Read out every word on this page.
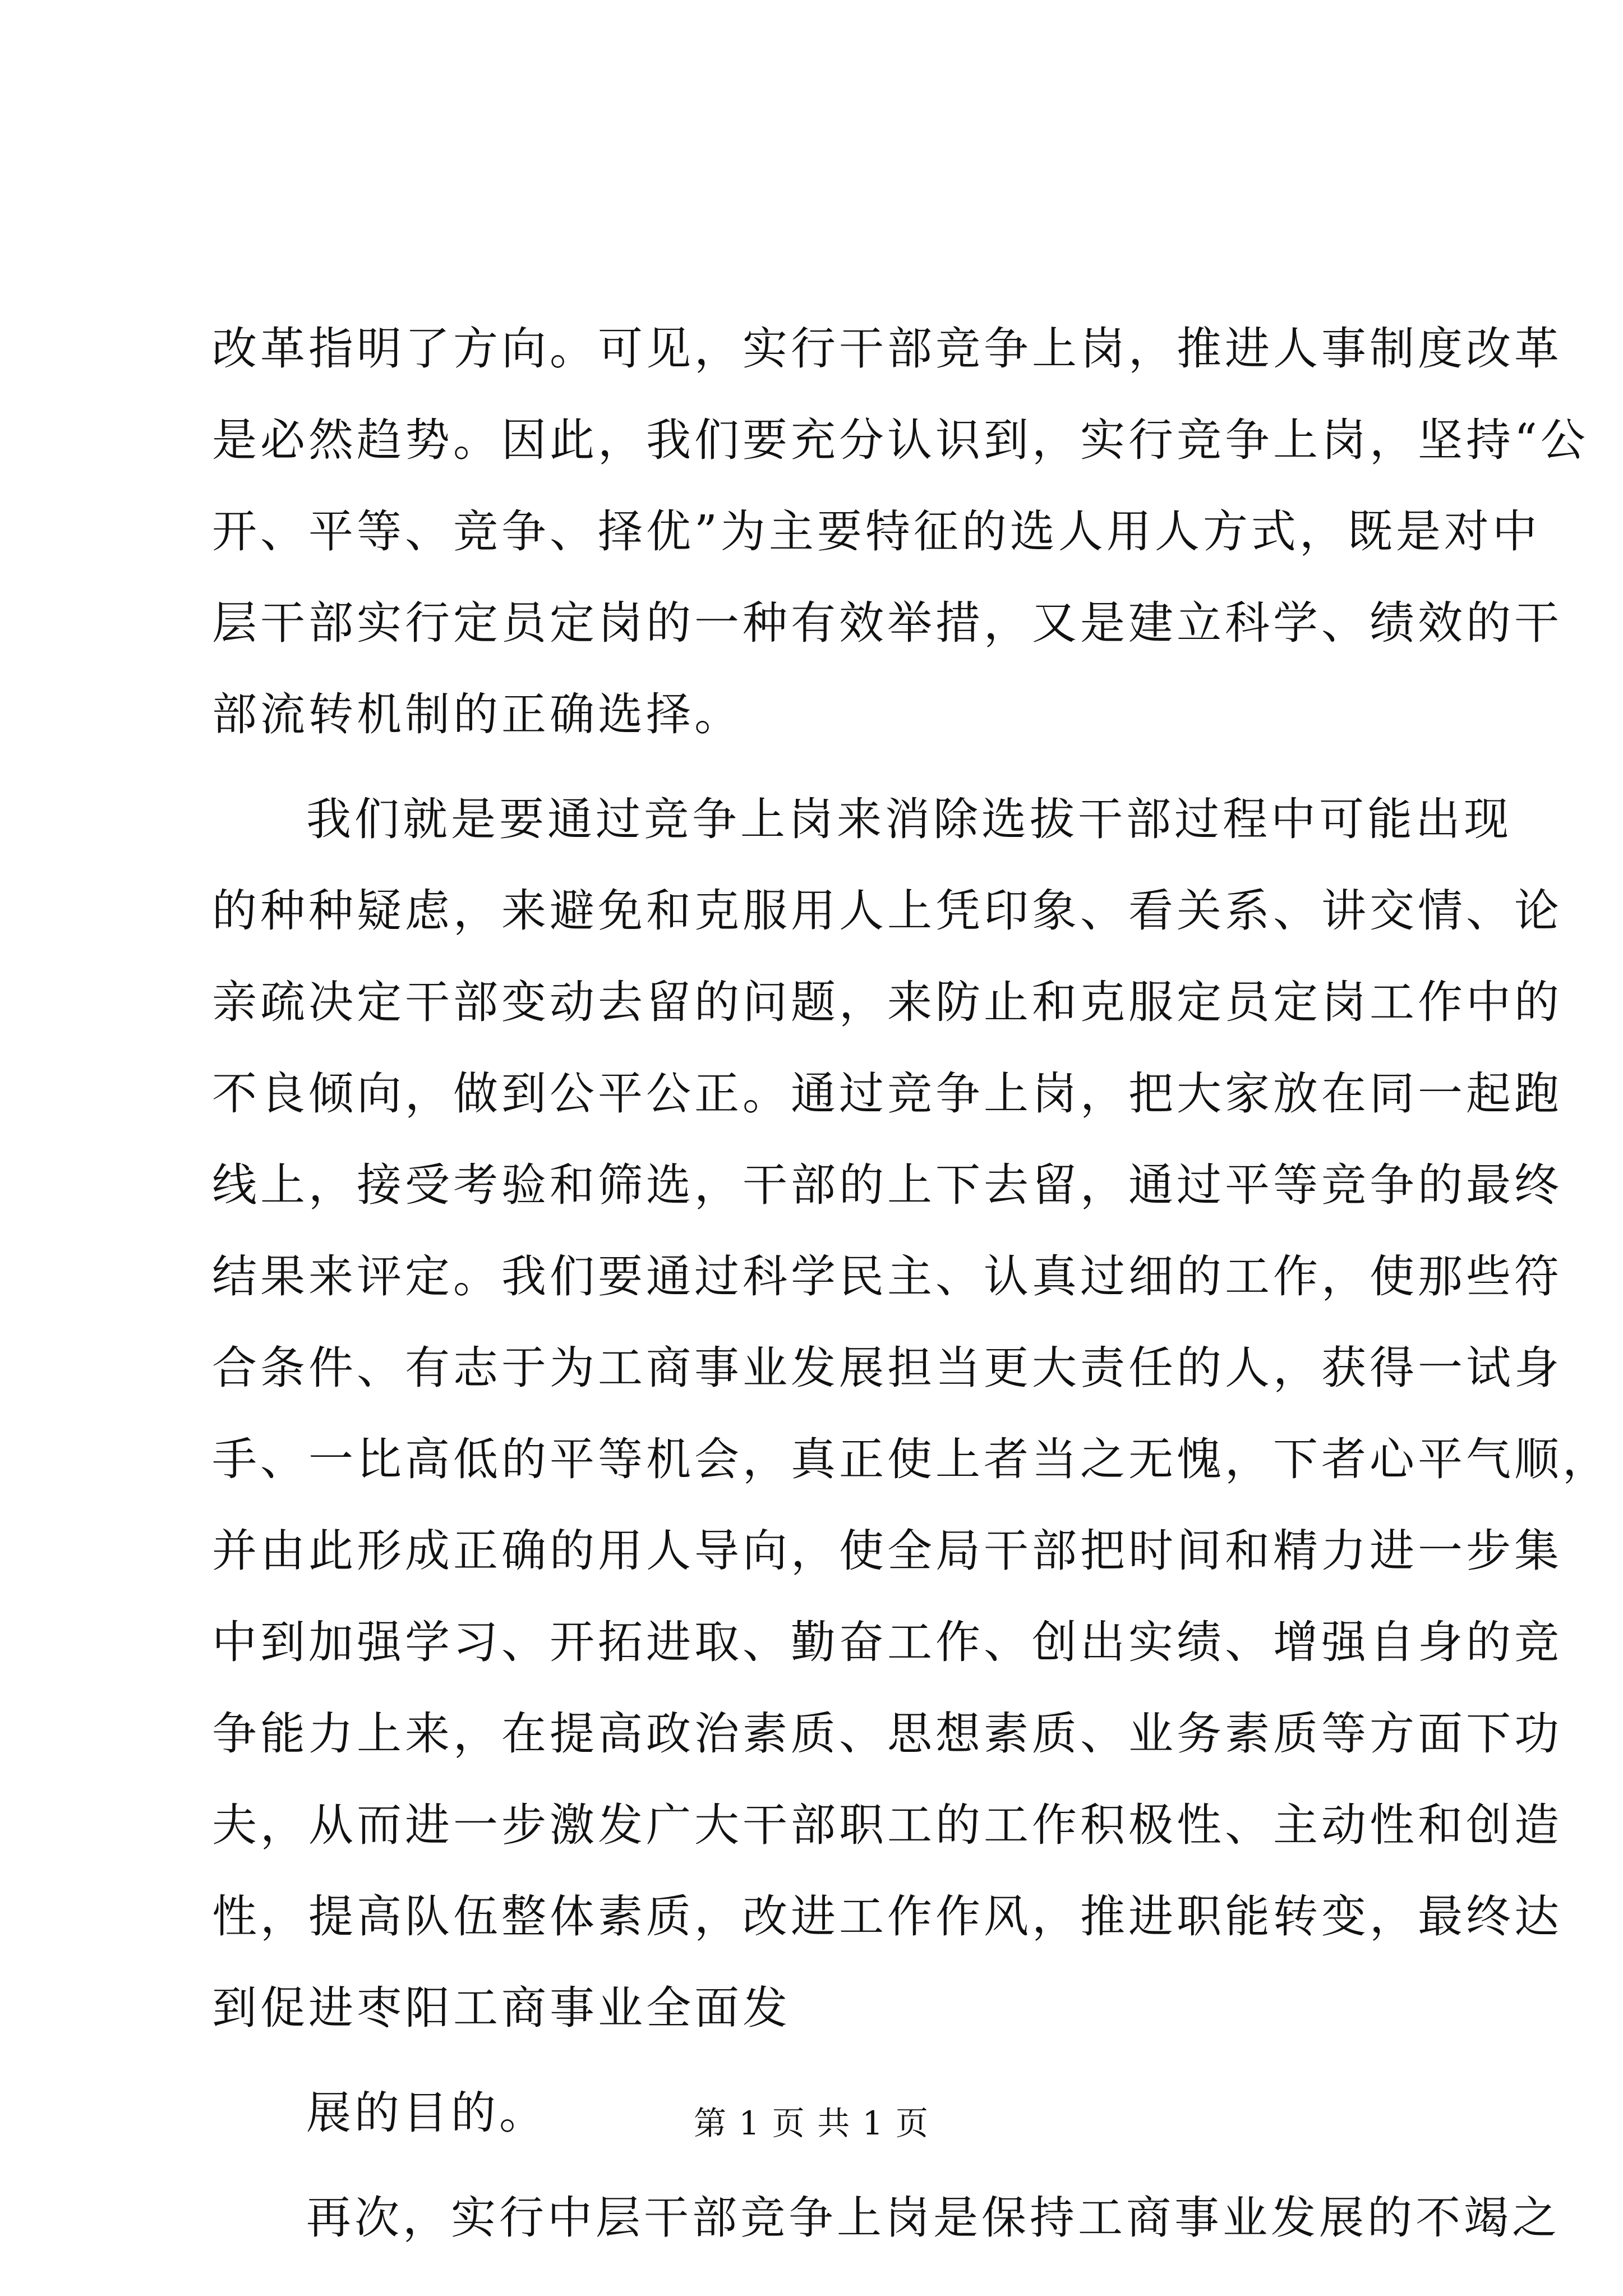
改革指明了方向。可见，实行干部竞争上岗，推进人事制度改革
是必然趋势。因此，我们要充分认识到，实行竞争上岗，坚持“公
开、平等、竞争、择优”为主要特征的选人用人方式，既是对中
层干部实行定员定岗的一种有效举措，又是建立科学、绩效的干
部流转机制的正确选择。
我们就是要通过竞争上岗来消除选拔干部过程中可能出现
的种种疑虑，来避免和克服用人上凭印象、看关系、讲交情、论
亲疏决定干部变动去留的问题，来防止和克服定员定岗工作中的
不良倾向，做到公平公正。通过竞争上岗，把大家放在同一起跑
线上，接受考验和筛选，干部的上下去留，通过平等竞争的最终
结果来评定。我们要通过科学民主、认真过细的工作，使那些符
合条件、有志于为工商事业发展担当更大责任的人，获得一试身
手、一比高低的平等机会，真正使上者当之无愧，下者心平气顺，
并由此形成正确的用人导向，使全局干部把时间和精力进一步集
中到加强学习、开拓进取、勤奋工作、创出实绩、增强自身的竞
争能力上来，在提高政治素质、思想素质、业务素质等方面下功
夫，从而进一步激发广大干部职工的工作积极性、主动性和创造
性，提高队伍整体素质，改进工作作风，推进职能转变，最终达
到促进枣阳工商事业全面发
展的目的。
再次，实行中层干部竞争上岗是保持工商事业发展的不竭之
第 1 页 共 1 页
